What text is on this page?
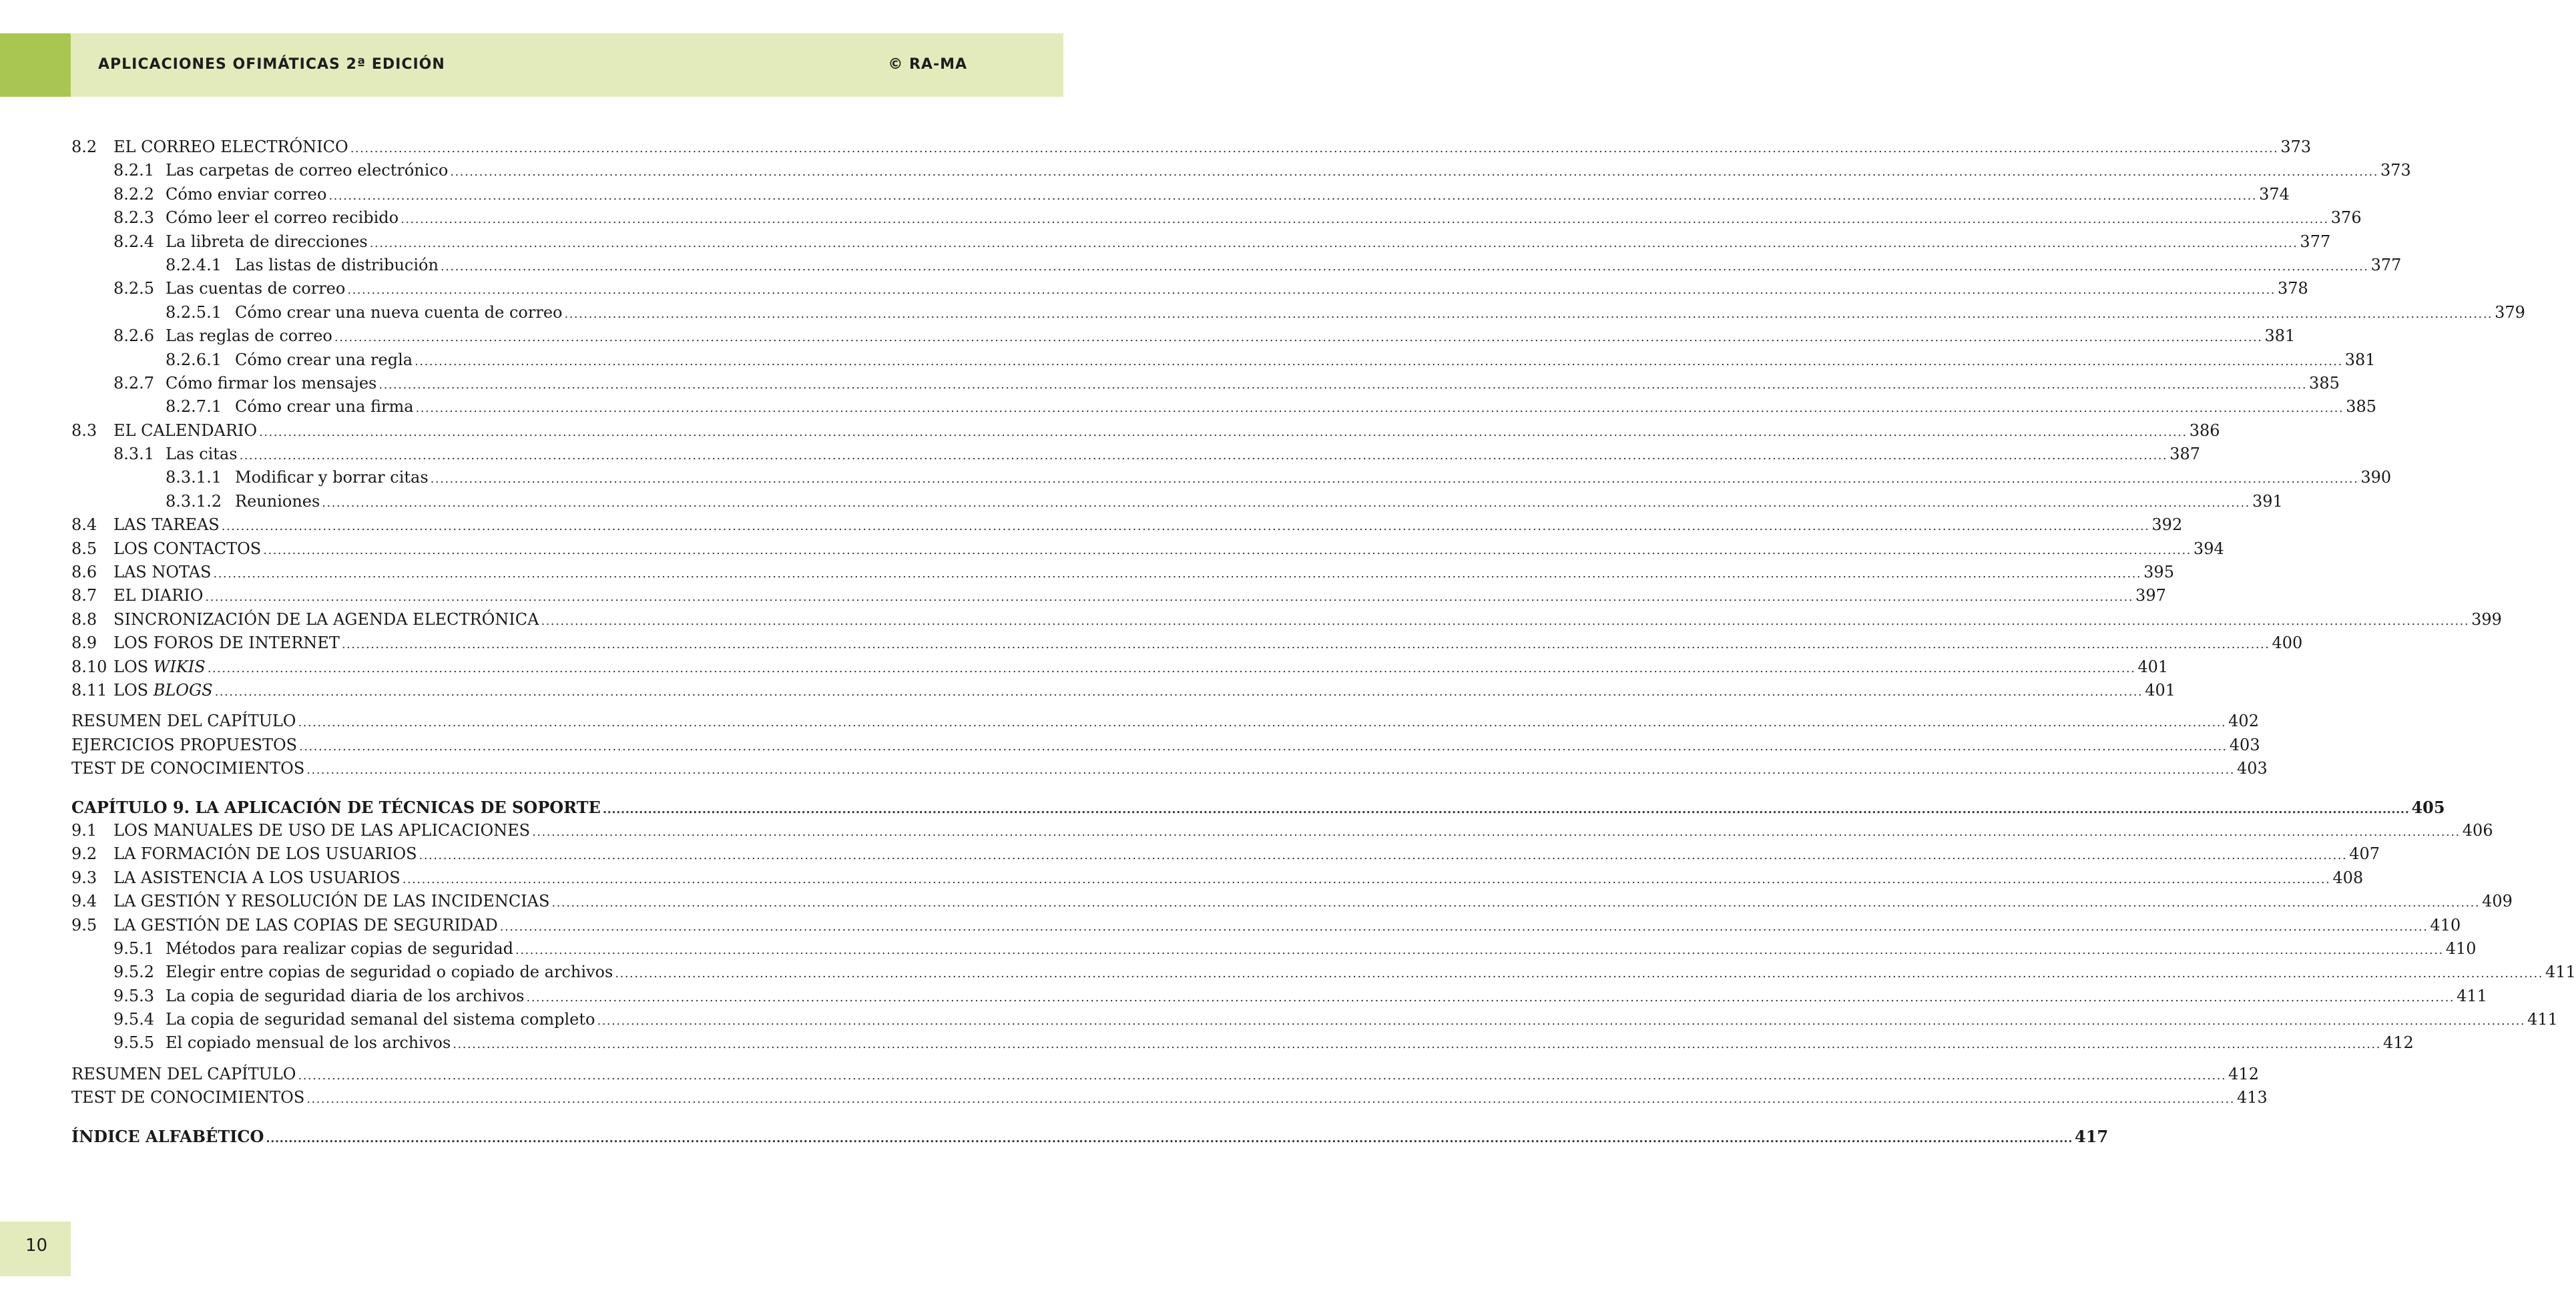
APLICACIONES OFIMÁTICAS 2ª EDICIÓN	© RA-MA
8.2	EL CORREO ELECTRÓNICO ................................................................................................................................................................................................................................................................................................................................................................................................................ 373
8.2.1 Las carpetas de correo electrónico ................................................................................................................................................................................................................................................................................................................................................................................................................ 373
8.2.2 Cómo enviar correo ................................................................................................................................................................................................................................................................................................................................................................................................................ 374
8.2.3 Cómo leer el correo recibido ................................................................................................................................................................................................................................................................................................................................................................................................................ 376
8.2.4 La libreta de direcciones ................................................................................................................................................................................................................................................................................................................................................................................................................ 377
8.2.4.1 Las listas de distribución ................................................................................................................................................................................................................................................................................................................................................................................................................ 377
8.2.5 Las cuentas de correo ................................................................................................................................................................................................................................................................................................................................................................................................................ 378
8.2.5.1 Cómo crear una nueva cuenta de correo ................................................................................................................................................................................................................................................................................................................................................................................................................ 379
8.2.6 Las reglas de correo ................................................................................................................................................................................................................................................................................................................................................................................................................ 381
8.2.6.1 Cómo crear una regla ................................................................................................................................................................................................................................................................................................................................................................................................................ 381
8.2.7 Cómo firmar los mensajes ................................................................................................................................................................................................................................................................................................................................................................................................................ 385
8.2.7.1 Cómo crear una firma ................................................................................................................................................................................................................................................................................................................................................................................................................ 385
8.3	EL CALENDARIO ................................................................................................................................................................................................................................................................................................................................................................................................................ 386
8.3.1 Las citas ................................................................................................................................................................................................................................................................................................................................................................................................................ 387
8.3.1.1 Modificar y borrar citas ................................................................................................................................................................................................................................................................................................................................................................................................................ 390
8.3.1.2 Reuniones ................................................................................................................................................................................................................................................................................................................................................................................................................ 391
8.4	LAS TAREAS ................................................................................................................................................................................................................................................................................................................................................................................................................ 392
8.5	LOS CONTACTOS ................................................................................................................................................................................................................................................................................................................................................................................................................ 394
8.6	LAS NOTAS ................................................................................................................................................................................................................................................................................................................................................................................................................ 395
8.7	EL DIARIO ................................................................................................................................................................................................................................................................................................................................................................................................................ 397
8.8	SINCRONIZACIÓN DE LA AGENDA ELECTRÓNICA ................................................................................................................................................................................................................................................................................................................................................................................................................ 399
8.9	LOS FOROS DE INTERNET ................................................................................................................................................................................................................................................................................................................................................................................................................ 400
8.10 LOS WIKIS ................................................................................................................................................................................................................................................................................................................................................................................................................ 401
8.11 LOS BLOGS ................................................................................................................................................................................................................................................................................................................................................................................................................ 401
RESUMEN DEL CAPÍTULO ................................................................................................................................................................................................................................................................................................................................................................................................................ 402
EJERCICIOS PROPUESTOS ................................................................................................................................................................................................................................................................................................................................................................................................................ 403
TEST DE CONOCIMIENTOS ................................................................................................................................................................................................................................................................................................................................................................................................................ 403
CAPÍTULO 9. LA APLICACIÓN DE TÉCNICAS DE SOPORTE ................................................................................................................................................................................................................................................................................................................................................................................................................ 405
9.1	LOS MANUALES DE USO DE LAS APLICACIONES ................................................................................................................................................................................................................................................................................................................................................................................................................ 406
9.2	LA FORMACIÓN DE LOS USUARIOS ................................................................................................................................................................................................................................................................................................................................................................................................................ 407
9.3	LA ASISTENCIA A LOS USUARIOS ................................................................................................................................................................................................................................................................................................................................................................................................................ 408
9.4	LA GESTIÓN Y RESOLUCIÓN DE LAS INCIDENCIAS ................................................................................................................................................................................................................................................................................................................................................................................................................ 409
9.5	LA GESTIÓN DE LAS COPIAS DE SEGURIDAD ................................................................................................................................................................................................................................................................................................................................................................................................................ 410
9.5.1 Métodos para realizar copias de seguridad ................................................................................................................................................................................................................................................................................................................................................................................................................ 410
9.5.2 Elegir entre copias de seguridad o copiado de archivos ................................................................................................................................................................................................................................................................................................................................................................................................................ 411
9.5.3 La copia de seguridad diaria de los archivos ................................................................................................................................................................................................................................................................................................................................................................................................................ 411
9.5.4 La copia de seguridad semanal del sistema completo ................................................................................................................................................................................................................................................................................................................................................................................................................ 411
9.5.5 El copiado mensual de los archivos ................................................................................................................................................................................................................................................................................................................................................................................................................ 412
RESUMEN DEL CAPÍTULO ................................................................................................................................................................................................................................................................................................................................................................................................................ 412
TEST DE CONOCIMIENTOS ................................................................................................................................................................................................................................................................................................................................................................................................................ 413
ÍNDICE ALFABÉTICO ................................................................................................................................................................................................................................................................................................................................................................................................................ 417
10
